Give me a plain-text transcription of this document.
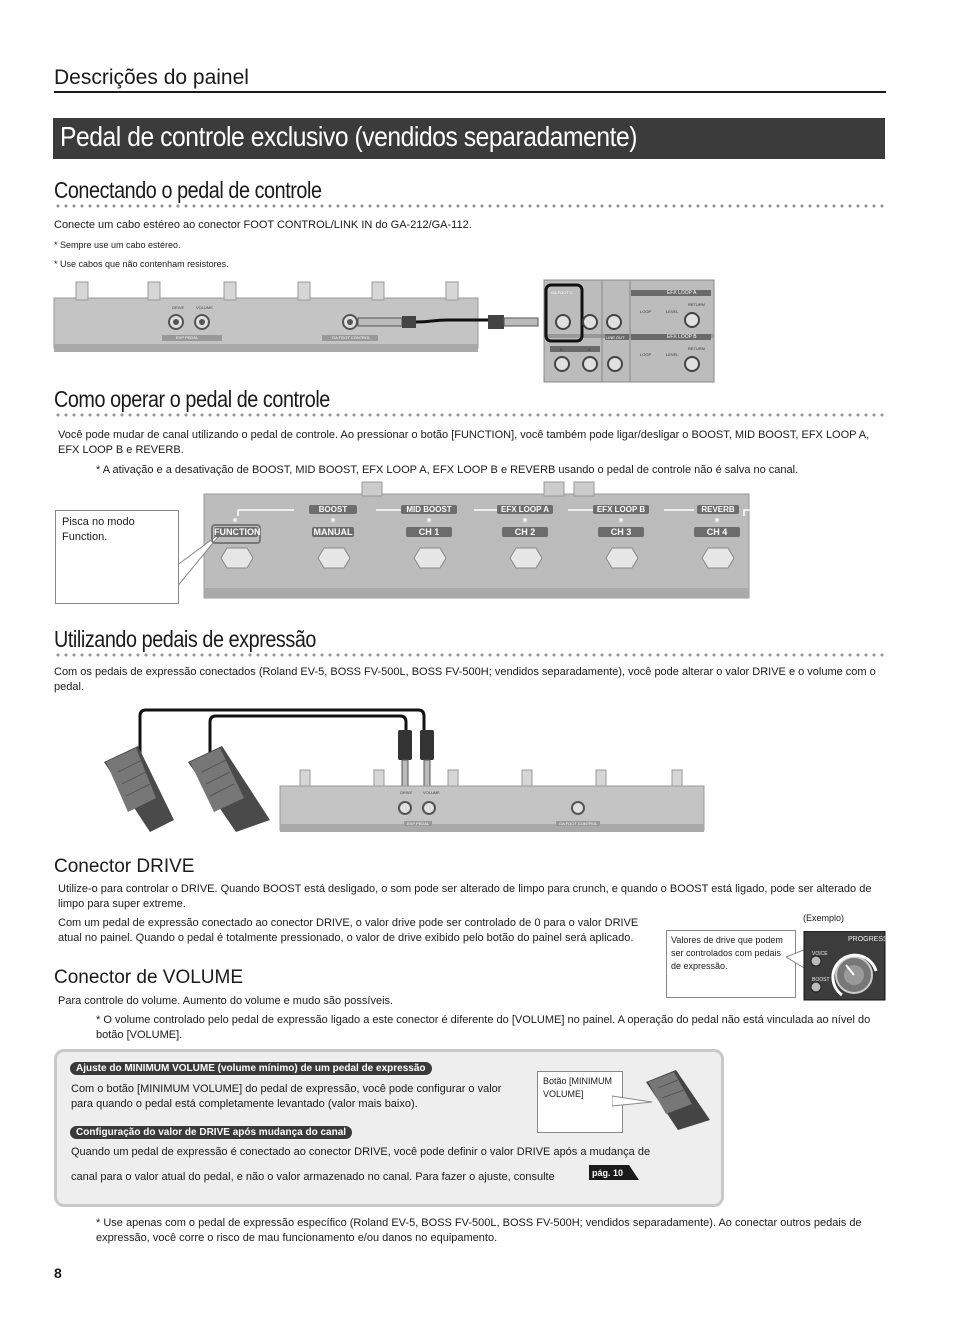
Descrições do painel
Pedal de controle exclusivo (vendidos separadamente)
Conectando o pedal de controle
Conecte um cabo estéreo ao conector FOOT CONTROL/LINK IN do GA-212/GA-112.
* Sempre use um cabo estéreo.
* Use cabos que não contenham resistores.
DRIVE	VOLUME
EXP PEDAL	GA FOOT CONTROL
GA FOOT C	EFX LOOP A
EFX LOOP B
RETURN
RETURN
LOOP
LOOP
LEVEL
LEVEL
LINE OUT
B	A
Como operar o pedal de controle
Você pode mudar de canal utilizando o pedal de controle. Ao pressionar o botão [FUNCTION], você também pode ligar/desligar o BOOST, MID BOOST, EFX LOOP A, EFX LOOP B e REVERB.
* A ativação e a desativação de BOOST, MID BOOST, EFX LOOP A, EFX LOOP B e REVERB usando o pedal de controle não é salva no canal.
BOOST	MID BOOST	EFX LOOP A	EFX LOOP B	REVERB
FUNCTION	MANUAL	CH 1	CH 2	CH 3	CH 4
Pisca no modo Function.
Utilizando pedais de expressão
Com os pedais de expressão conectados (Roland EV-5, BOSS FV-500L, BOSS FV-500H; vendidos separadamente), você pode alterar o valor DRIVE e o volume com o pedal.
DRIVE	VOLUME
EXP PEDAL	GA FOOT CONTROL
Conector DRIVE
Utilize-o para controlar o DRIVE. Quando BOOST está desligado, o som pode ser alterado de limpo para crunch, e quando o BOOST está ligado, pode ser alterado de limpo para super extreme.
Com um pedal de expressão conectado ao conector DRIVE, o valor drive pode ser controlado de 0 para o valor DRIVE atual no painel. Quando o pedal é totalmente pressionado, o valor de drive exibido pelo botão do painel será aplicado.
(Exemplo)
Valores de drive que podem ser controlados com pedais de expressão.
PROGRESS
VOICE
BOOST
Conector de VOLUME
Para controle do volume. Aumento do volume e mudo são possíveis.
* O volume controlado pelo pedal de expressão ligado a este conector é diferente do [VOLUME] no painel. A operação do pedal não está vinculada ao nível do botão [VOLUME].
Ajuste do MINIMUM VOLUME (volume mínimo) de um pedal de expressão
Com o botão [MINIMUM VOLUME] do pedal de expressão, você pode configurar o valor para quando o pedal está completamente levantado (valor mais baixo).
Botão [MINIMUM VOLUME]
Configuração do valor de DRIVE após mudança do canal
Quando um pedal de expressão é conectado ao conector DRIVE, você pode definir o valor DRIVE após a mudança de
canal para o valor atual do pedal, e não o valor armazenado no canal. Para fazer o ajuste, consulte	pág. 10
* Use apenas com o pedal de expressão específico (Roland EV-5, BOSS FV-500L, BOSS FV-500H; vendidos separadamente). Ao conectar outros pedais de expressão, você corre o risco de mau funcionamento e/ou danos no equipamento.
8
